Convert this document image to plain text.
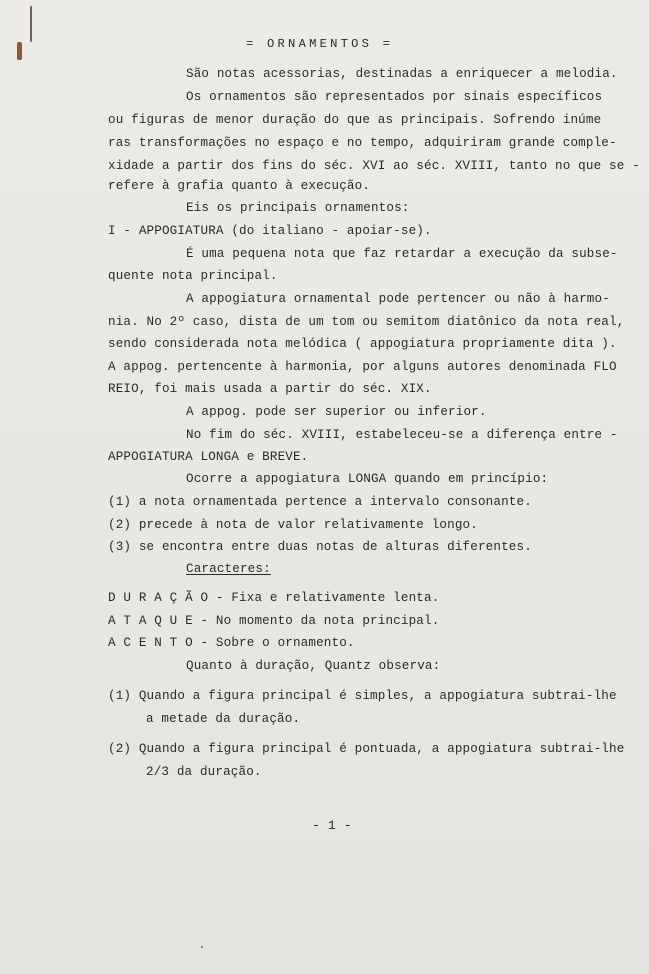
= ORNAMENTOS =
São notas acessorias, destinadas a enriquecer a melodia.
Os ornamentos são representados por sinais específicos
ou figuras de menor duração do que as principais. Sofrendo inúme
ras transformações no espaço e no tempo, adquiriram grande comple-
xidade a partir dos fins do séc. XVI ao séc. XVIII, tanto no que se -
refere à grafia quanto à execução.
Eis os principais ornamentos:
I - APPOGIATURA (do italiano - apoiar-se).
É uma pequena nota que faz retardar a execução da subse-
quente nota principal.
A appogiatura ornamental pode pertencer ou não à harmo-
nia. No 2º caso, dista de um tom ou semitom diatônico da nota real,
sendo considerada nota melódica ( appogiatura propriamente dita ).
A appog. pertencente à harmonia, por alguns autores denominada FLO
REIO, foi mais usada a partir do séc. XIX.
A appog. pode ser superior ou inferior.
No fim do séc. XVIII, estabeleceu-se a diferença entre -
APPOGIATURA LONGA e BREVE.
Ocorre a appogiatura LONGA quando em princípio:
(1) a nota ornamentada pertence a intervalo consonante.
(2) precede à nota de valor relativamente longo.
(3) se encontra entre duas notas de alturas diferentes.
Caracteres:
D U R A Ç Ã O - Fixa e relativamente lenta.
A T A Q U E - No momento da nota principal.
A C E N T O - Sobre o ornamento.
Quanto à duração, Quantz observa:
(1) Quando a figura principal é simples, a appogiatura subtrai-lhe
a metade da duração.
(2) Quando a figura principal é pontuada, a appogiatura subtrai-lhe
2/3 da duração.
- 1 -
